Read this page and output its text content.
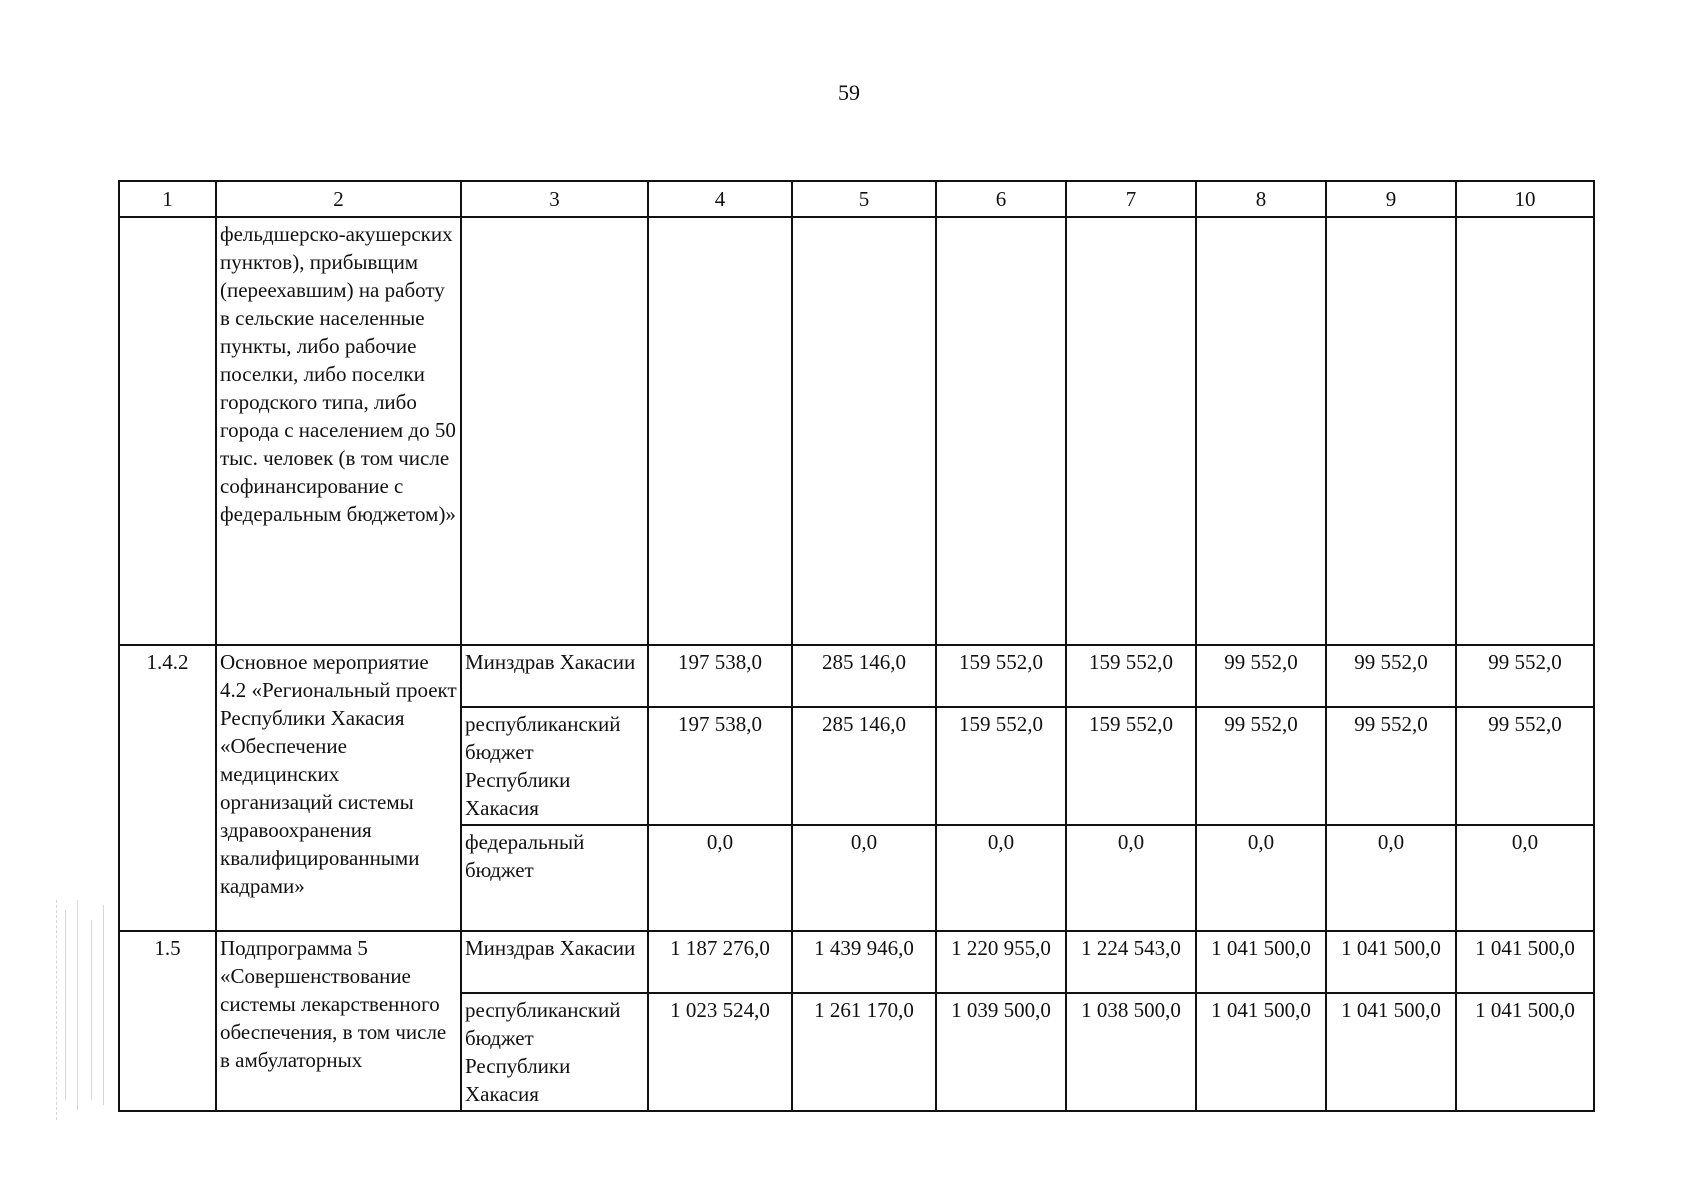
59
1	2	3	4	5	6	7	8	9	10
	фельдшерско-акушерских пунктов), прибывщим (переехавшим) на работу в сельские населенные пункты, либо рабочие поселки, либо поселки городского типа, либо города с населением до 50 тыс. человек (в том числе софинансирование с федеральным бюджетом)»								
1.4.2	Основное мероприятие 4.2 «Региональный проект Республики Хакасия «Обеспечение медицинских организаций системы здравоохранения квалифицированными кадрами»	Минздрав Хакасии	197 538,0	285 146,0	159 552,0	159 552,0	99 552,0	99 552,0	99 552,0
		республиканский бюджет Республики Хакасия	197 538,0	285 146,0	159 552,0	159 552,0	99 552,0	99 552,0	99 552,0
		федеральный бюджет	0,0	0,0	0,0	0,0	0,0	0,0	0,0
1.5	Подпрограмма 5 «Совершенствование системы лекарственного обеспечения, в том числе в амбулаторных	Минздрав Хакасии	1 187 276,0	1 439 946,0	1 220 955,0	1 224 543,0	1 041 500,0	1 041 500,0	1 041 500,0
		республиканский бюджет Республики Хакасия	1 023 524,0	1 261 170,0	1 039 500,0	1 038 500,0	1 041 500,0	1 041 500,0	1 041 500,0
